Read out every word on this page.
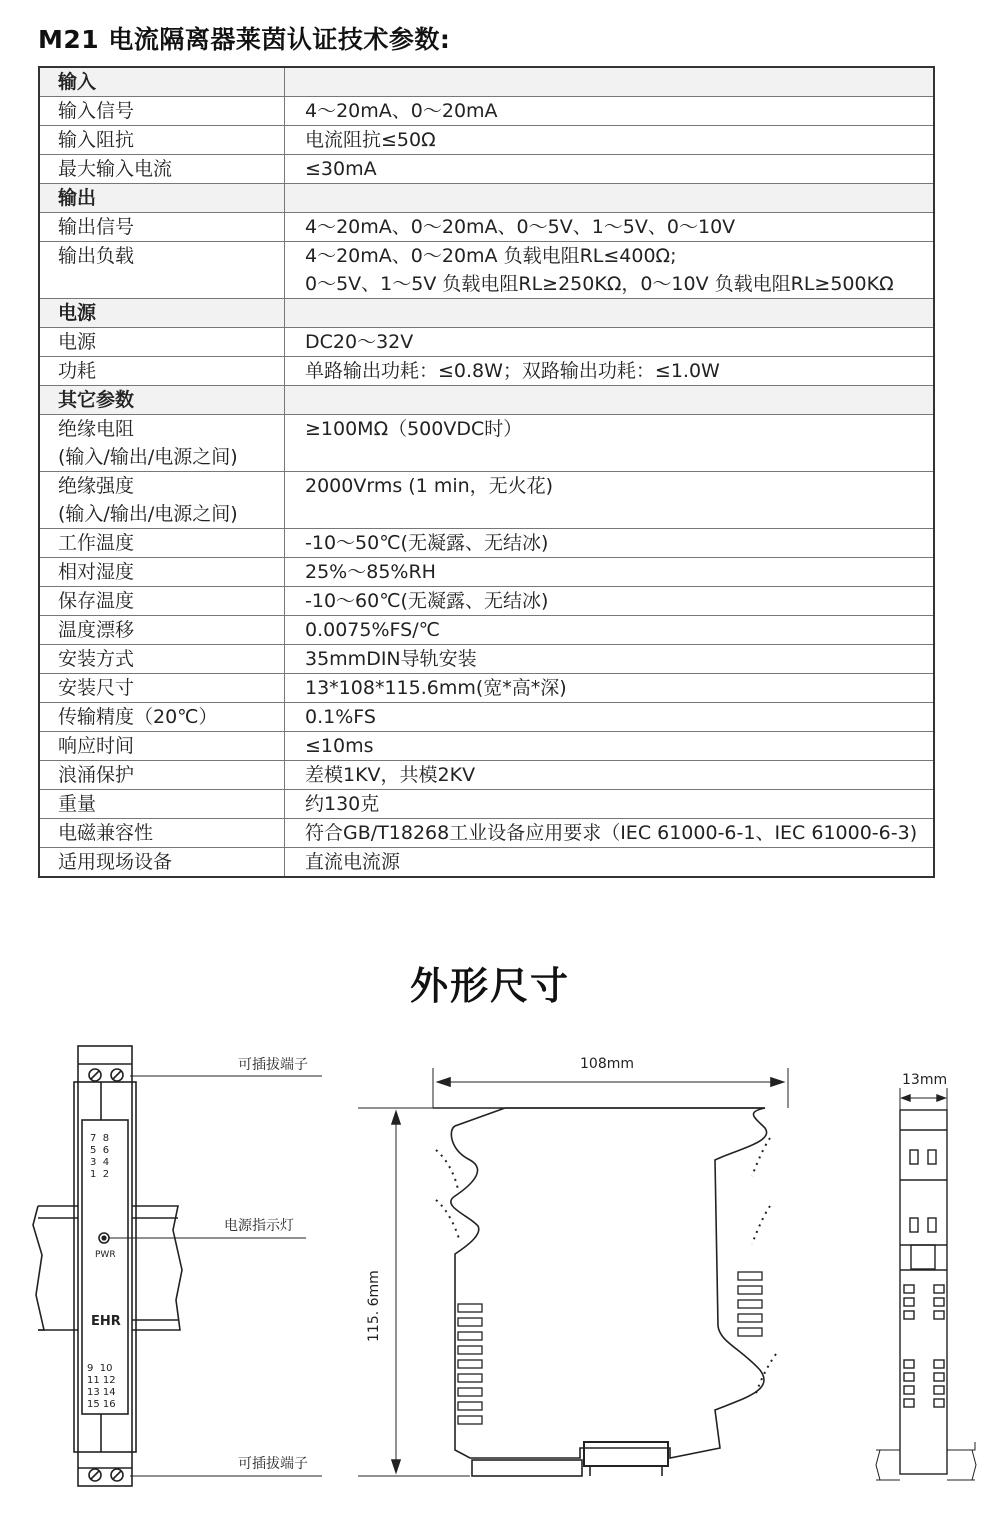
M21 电流隔离器莱茵认证技术参数:
输入	

输入信号	4～20mA、0～20mA

输入阻抗	电流阻抗≤50Ω

最大输入电流	≤30mA

输出	

输出信号	4～20mA、0～20mA、0～5V、1～5V、0～10V

输出负载	4～20mA、0～20mA 负载电阻RL≤400Ω;
0～5V、1～5V 负载电阻RL≥250KΩ，0～10V 负载电阻RL≥500KΩ

电源	

电源	DC20～32V

功耗	单路输出功耗：≤0.8W；双路输出功耗：≤1.0W

其它参数	

绝缘电阻
(输入/输出/电源之间)	≥100MΩ（500VDC时）

绝缘强度
(输入/输出/电源之间)	2000Vrms (1 min，无火花)

工作温度	-10～50℃(无凝露、无结冰)

相对湿度	25%～85%RH

保存温度	-10～60℃(无凝露、无结冰)

温度漂移	0.0075%FS/℃

安装方式	35mmDIN导轨安装

安装尺寸	13*108*115.6mm(宽*高*深)

传输精度（20℃）	0.1%FS

响应时间	≤10ms

浪涌保护	差模1KV，共模2KV

重量	约130克

电磁兼容性	符合GB/T18268工业设备应用要求（IEC 61000-6-1、IEC 61000-6-3)

适用现场设备	直流电流源
外形尺寸
可插拔端子
电源指示灯
可插拔端子
PWR
EHR
7  8
5  6
3  4
1  2
9  10
11 12
13 14
15 16
108mm
115. 6mm
13mm
